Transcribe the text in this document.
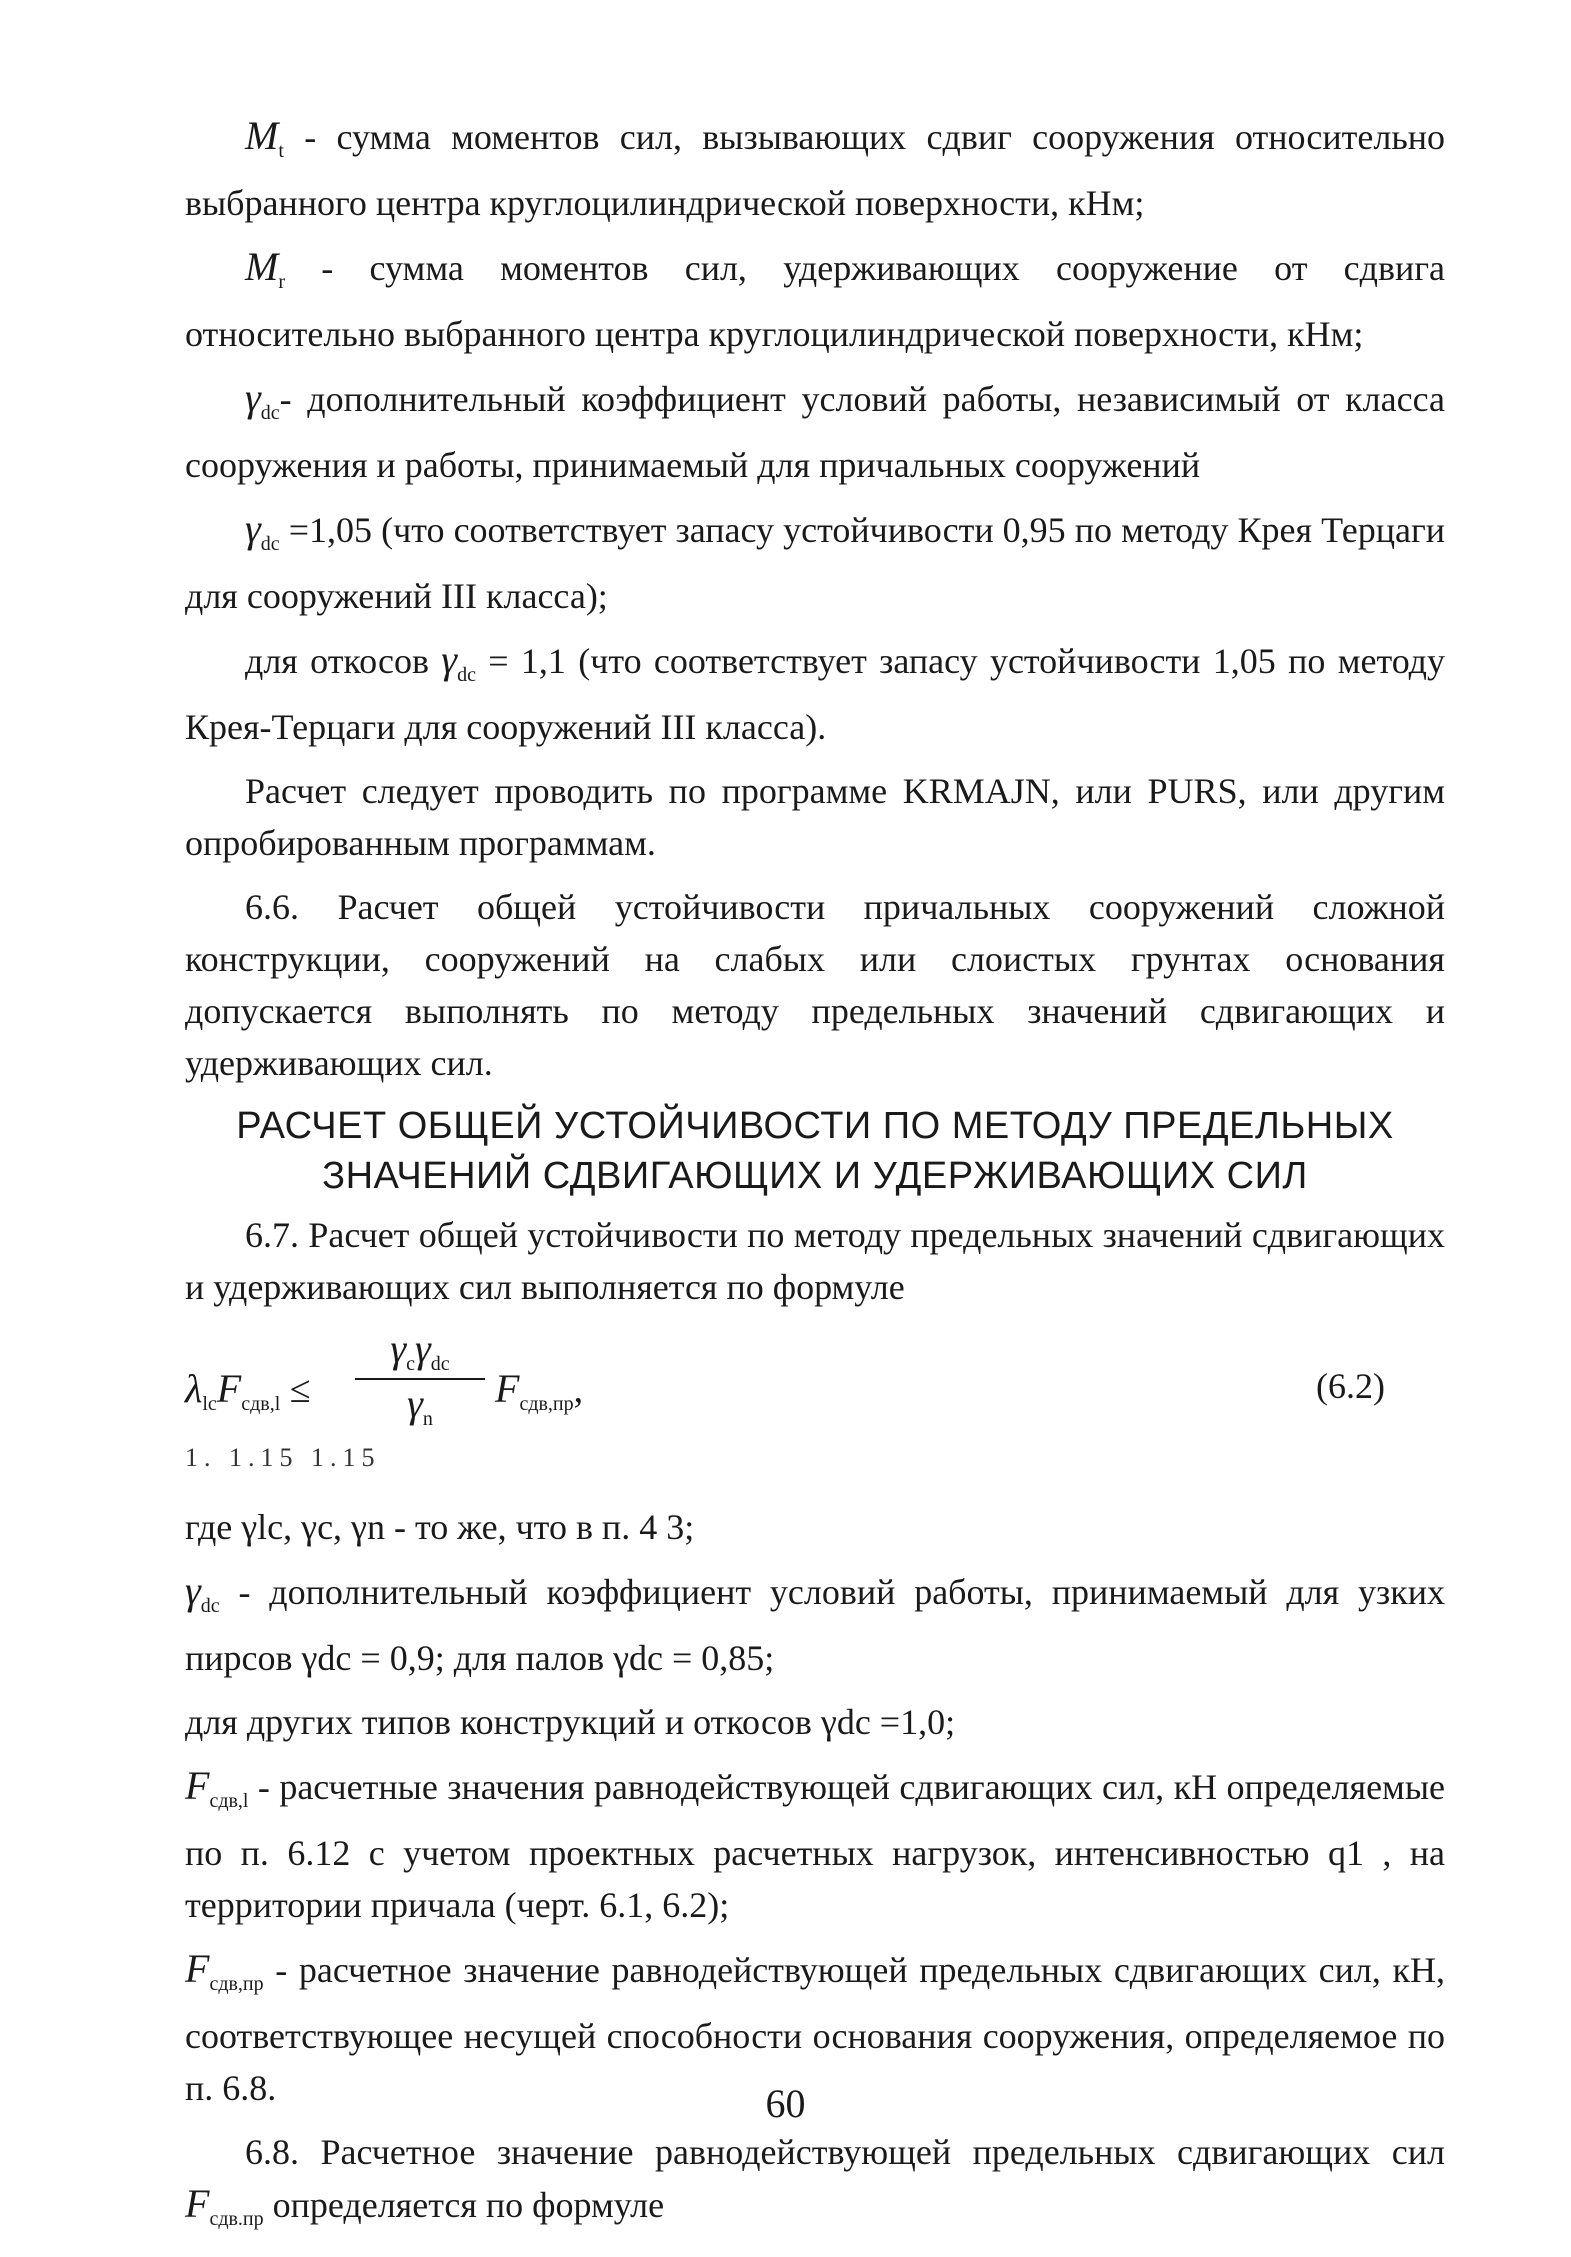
$M_t$ - сумма моментов сил, вызывающих сдвиг сооружения относительно выбранного центра круглоцилиндрической поверхности, кНм;

$M_r$ - сумма моментов сил, удерживающих сооружение от сдвига относительно выбранного центра круглоцилиндрической поверхности, кНм;

$\gamma_{dc}-$ дополнительный коэффициент условий работы, независимый от класса сооружения и работы, принимаемый для причальных сооружений

$\gamma_{dc} =1,05$ (что соответствует запасу устойчивости 0,95 по методу Крея Терцаги для сооружений III класса);

для откосов $\gamma_{dc} = 1,1$ (что соответствует запасу устойчивости 1,05 по методу Крея-Терцаги для сооружений III класса).

Расчет следует проводить по программе KRMAJN, или PURS, или другим опробированным программам.

6.6. Расчет общей устойчивости причальных сооружений сложной конструкции, сооружений на слабых или слоистых грунтах основания допускается выполнять по методу предельных значений сдвигающих и удерживающих сил.

РАСЧЕТ ОБЩЕЙ УСТОЙЧИВОСТИ ПО МЕТОДУ ПРЕДЕЛЬНЫХ
ЗНАЧЕНИЙ СДВИГАЮЩИХ И УДЕРЖИВАЮЩИХ СИЛ

6.7. Расчет общей устойчивости по методу предельных значений сдвигающих и удерживающих сил выполняется по формуле

$\lambda_{lc}F_{сдв,l}$ ≤
$\gamma_c\gamma_{dc}$
$\gamma_n$
$F_{сдв,пр}$,	(6.2)
1. 1.15 1.15

где γlc, γc, γn - то же, что в п. 4 3;

$\gamma_{dc}$ - дополнительный коэффициент условий работы, принимаемый для узких пирсов γdc = 0,9; для палов γdc = 0,85;

для других типов конструкций и откосов γdc =1,0;

$F_{сдв,l}$ - расчетные значения равнодействующей сдвигающих сил, кН определяемые по п. 6.12 с учетом проектных расчетных нагрузок, интенсивностью q1 , на территории причала (черт. 6.1, 6.2);

$F_{сдв,пр}$ - расчетное значение равнодействующей предельных сдвигающих сил, кН, соответствующее несущей способности основания сооружения, определяемое по п. 6.8.

6.8. Расчетное значение равнодействующей предельных сдвигающих сил $F_{сдв.пр}$ определяется по формуле

60
